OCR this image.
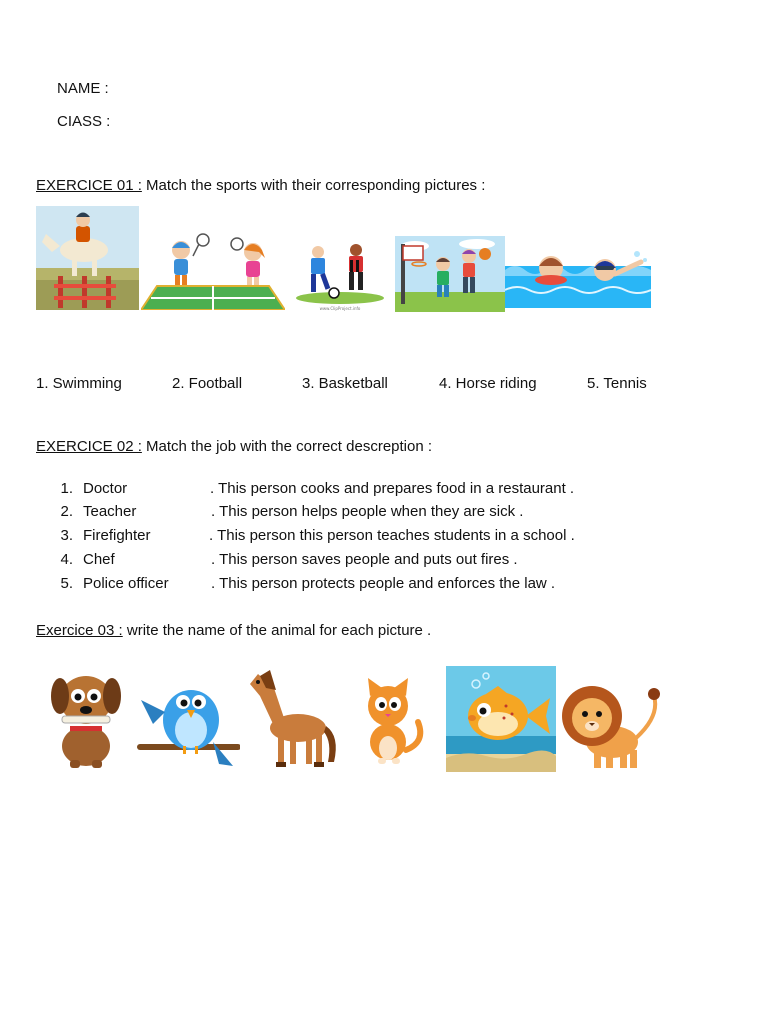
NAME :
CIASS :
EXERCICE 01 : Match the sports with their corresponding pictures :
www.ClipProject.info
1. Swimming	2. Football	3. Basketball	4. Horse riding	5. Tennis
EXERCICE 02 : Match the job with the correct descreption :
1. Doctor	. This person cooks and prepares food in a restaurant .
2. Teacher	. This person helps people when they are sick .
3. Firefighter	. This person this person teaches students in a school .
4. Chef	. This person saves people and puts out fires .
5. Police officer	. This person protects people and enforces the law .
Exercice 03 : write the name of the animal for each picture .
